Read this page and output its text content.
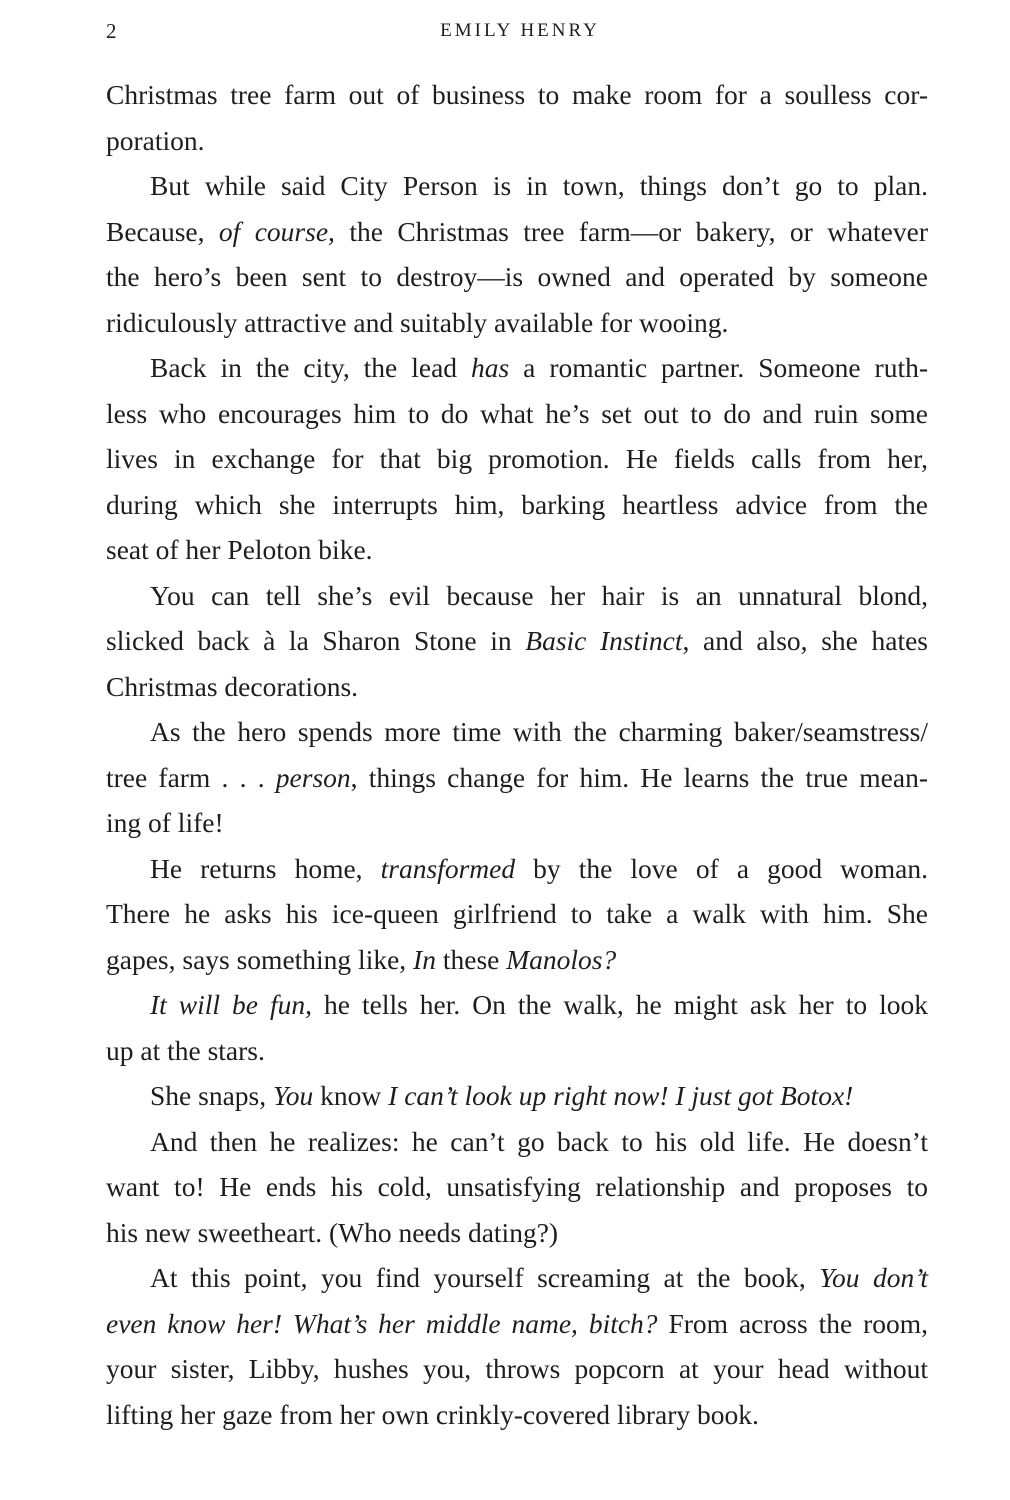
2	EMILY HENRY
Christmas tree farm out of business to make room for a soulless cor-
poration.
But while said City Person is in town, things don’t go to plan.
Because, of course, the Christmas tree farm—or bakery, or whatever
the hero’s been sent to destroy—is owned and operated by someone
ridiculously attractive and suitably available for wooing.
Back in the city, the lead has a romantic partner. Someone ruth-
less who encourages him to do what he’s set out to do and ruin some
lives in exchange for that big promotion. He fields calls from her,
during which she interrupts him, barking heartless advice from the
seat of her Peloton bike.
You can tell she’s evil because her hair is an unnatural blond,
slicked back à la Sharon Stone in Basic Instinct, and also, she hates
Christmas decorations.
As the hero spends more time with the charming baker/seamstress/
tree farm . . . person, things change for him. He learns the true mean-
ing of life!
He returns home, transformed by the love of a good woman.
There he asks his ice-queen girlfriend to take a walk with him. She
gapes, says something like, In these Manolos?
It will be fun, he tells her. On the walk, he might ask her to look
up at the stars.
She snaps, You know I can’t look up right now! I just got Botox!
And then he realizes: he can’t go back to his old life. He doesn’t
want to! He ends his cold, unsatisfying relationship and proposes to
his new sweetheart. (Who needs dating?)
At this point, you find yourself screaming at the book, You don’t
even know her! What’s her middle name, bitch? From across the room,
your sister, Libby, hushes you, throws popcorn at your head without
lifting her gaze from her own crinkly-covered library book.
